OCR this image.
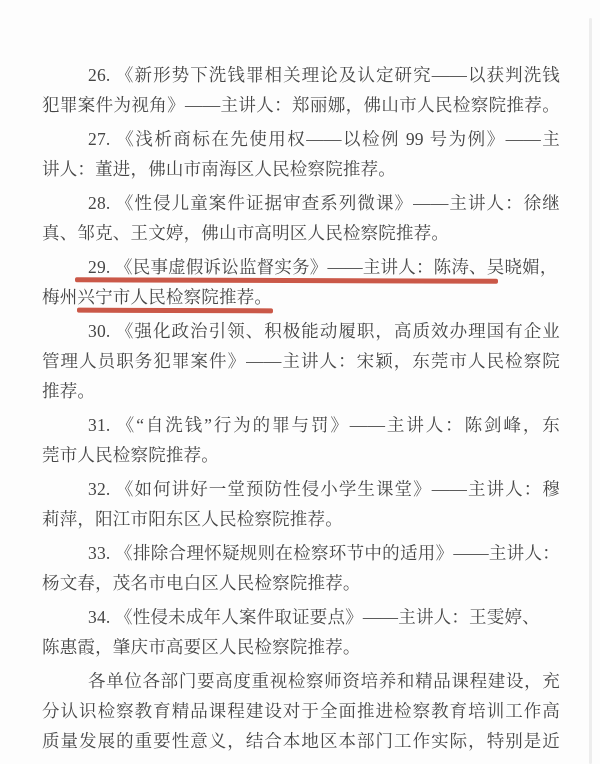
26. 《新形势下洗钱罪相关理论及认定研究——以获判洗钱
犯罪案件为视角》——主讲人：郑丽娜，佛山市人民检察院推荐。
27. 《浅析商标在先使用权——以检例 99 号为例》——主
讲人：董进，佛山市南海区人民检察院推荐。
28. 《性侵儿童案件证据审查系列微课》——主讲人：徐继
真、邹克、王文婷，佛山市高明区人民检察院推荐。
29. 《民事虚假诉讼监督实务》——主讲人：陈涛、吴晓媚，
梅州兴宁市人民检察院推荐。
30. 《强化政治引领、积极能动履职，高质效办理国有企业
管理人员职务犯罪案件》——主讲人：宋颖，东莞市人民检察院
推荐。
31. 《“自洗钱”行为的罪与罚》——主讲人：陈剑峰，东
莞市人民检察院推荐。
32. 《如何讲好一堂预防性侵小学生课堂》——主讲人：穆
莉萍，阳江市阳东区人民检察院推荐。
33. 《排除合理怀疑规则在检察环节中的适用》——主讲人：
杨文春，茂名市电白区人民检察院推荐。
34. 《性侵未成年人案件取证要点》——主讲人：王雯婷、
陈惠霞，肇庆市高要区人民检察院推荐。
各单位各部门要高度重视检察师资培养和精品课程建设，充
分认识检察教育精品课程建设对于全面推进检察教育培训工作高
质量发展的重要性意义，结合本地区本部门工作实际，特别是近
